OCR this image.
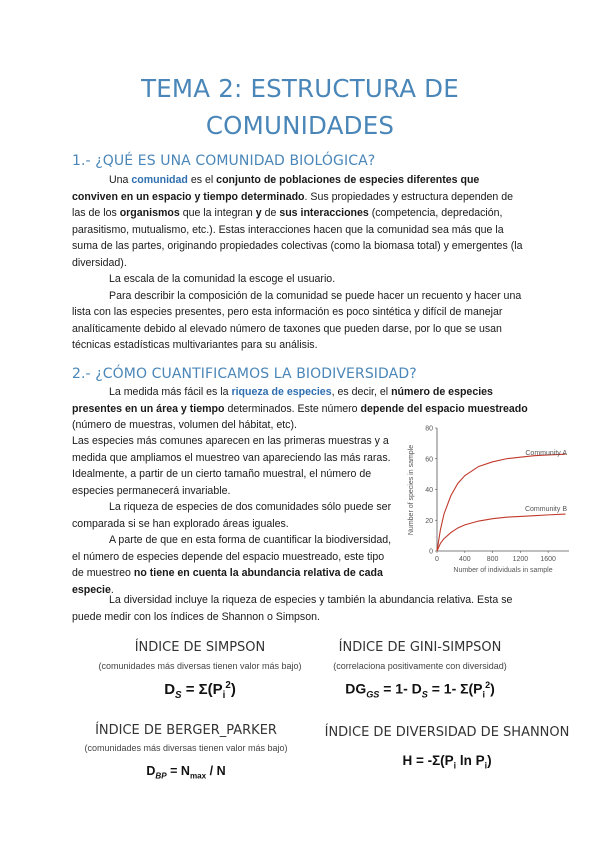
TEMA 2: ESTRUCTURA DE
COMUNIDADES
1.- ¿QUÉ ES UNA COMUNIDAD BIOLÓGICA?

Una comunidad es el conjunto de poblaciones de especies diferentes que conviven en un espacio y tiempo determinado. Sus propiedades y estructura dependen de las de los organismos que la integran y de sus interacciones (competencia, depredación, parasitismo, mutualismo, etc.). Estas interacciones hacen que la comunidad sea más que la suma de las partes, originando propiedades colectivas (como la biomasa total) y emergentes (la diversidad).

La escala de la comunidad la escoge el usuario.

Para describir la composición de la comunidad se puede hacer un recuento y hacer una lista con las especies presentes, pero esta información es poco sintética y difícil de manejar analíticamente debido al elevado número de taxones que pueden darse, por lo que se usan técnicas estadísticas multivariantes para su análisis.

2.- ¿CÓMO CUANTIFICAMOS LA BIODIVERSIDAD?

La medida más fácil es la riqueza de especies, es decir, el número de especies presentes en un área y tiempo determinados. Este número depende del espacio muestreado (número de muestras, volumen del hábitat, etc).

Las especies más comunes aparecen en las primeras muestras y a medida que ampliamos el muestreo van apareciendo las más raras. Idealmente, a partir de un cierto tamaño muestral, el número de especies permanecerá invariable.

La riqueza de especies de dos comunidades sólo puede ser comparada si se han explorado áreas iguales.

A parte de que en esta forma de cuantificar la biodiversidad, el número de especies depende del espacio muestreado, este tipo de muestreo no tiene en cuenta la abundancia relativa de cada especie.

La diversidad incluye la riqueza de especies y también la abundancia relativa. Esta se puede medir con los índices de Shannon o Simpson.

0
20
40
60
80
0	400 800 1200 1600
Number of species in sample
Number of individuals in sample
Community A
Community B
ÍNDICE DE SIMPSON
(comunidades más diversas tienen valor más bajo)
$D_S = \Sigma(P_i^2)$
ÍNDICE DE GINI-SIMPSON
(correlaciona positivamente con diversidad)
$DG_{GS} = 1-$ $D_S = 1-$ $\Sigma(P_i^2)$
ÍNDICE DE BERGER_PARKER
(comunidades más diversas tienen valor más bajo)
$D_{BP} = N_{max} / N$
ÍNDICE DE DIVERSIDAD DE SHANNON
$H = -\Sigma(P_i$ $\ln P_i$)
